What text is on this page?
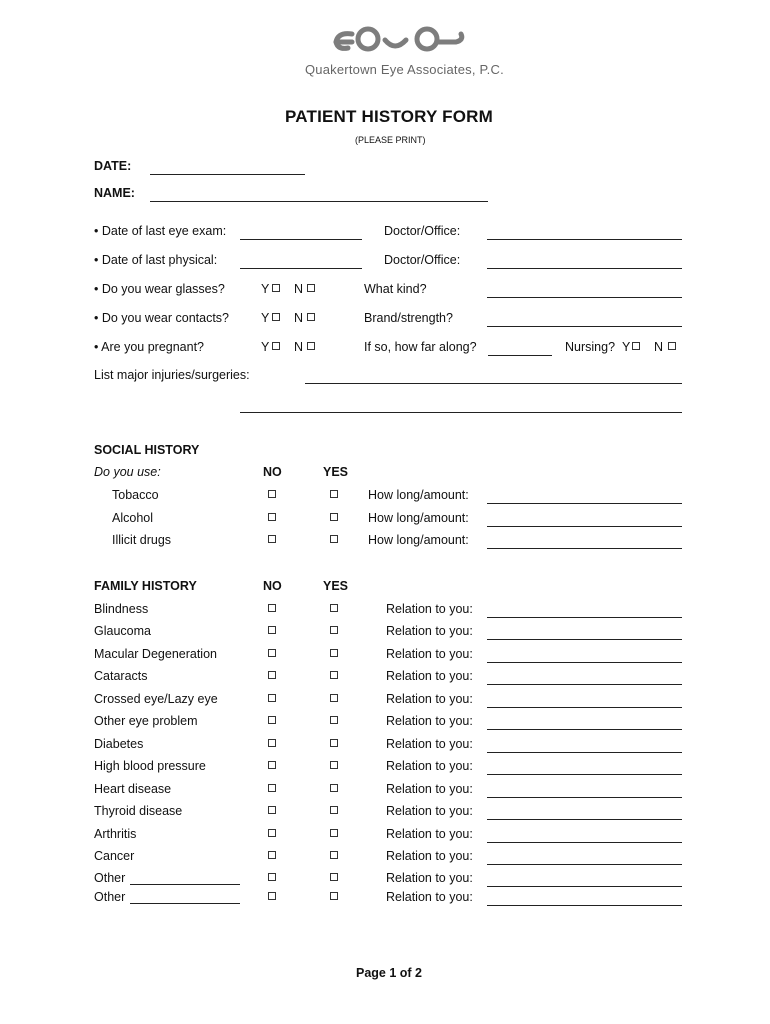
Quakertown Eye Associates, P.C.
PATIENT HISTORY FORM
(PLEASE PRINT)
DATE:
NAME:
• Date of last eye exam:	Doctor/Office:
• Date of last physical:	Doctor/Office:
• Do you wear glasses?	Y N	What kind?
• Do you wear contacts?	Y N	Brand/strength?
• Are you pregnant?	Y N	If so, how far along?	Nursing? Y N
List major injuries/surgeries:
SOCIAL HISTORY
Do you use:	NO	YES
Tobacco	How long/amount:
Alcohol	How long/amount:
Illicit drugs	How long/amount:
FAMILY HISTORY	NO	YES
Blindness	Relation to you:
Glaucoma	Relation to you:
Macular Degeneration	Relation to you:
Cataracts	Relation to you:
Crossed eye/Lazy eye	Relation to you:
Other eye problem	Relation to you:
Diabetes	Relation to you:
High blood pressure	Relation to you:
Heart disease	Relation to you:
Thyroid disease	Relation to you:
Arthritis	Relation to you:
Cancer	Relation to you:
Other	Relation to you:
Other	Relation to you:
Page 1 of 2
